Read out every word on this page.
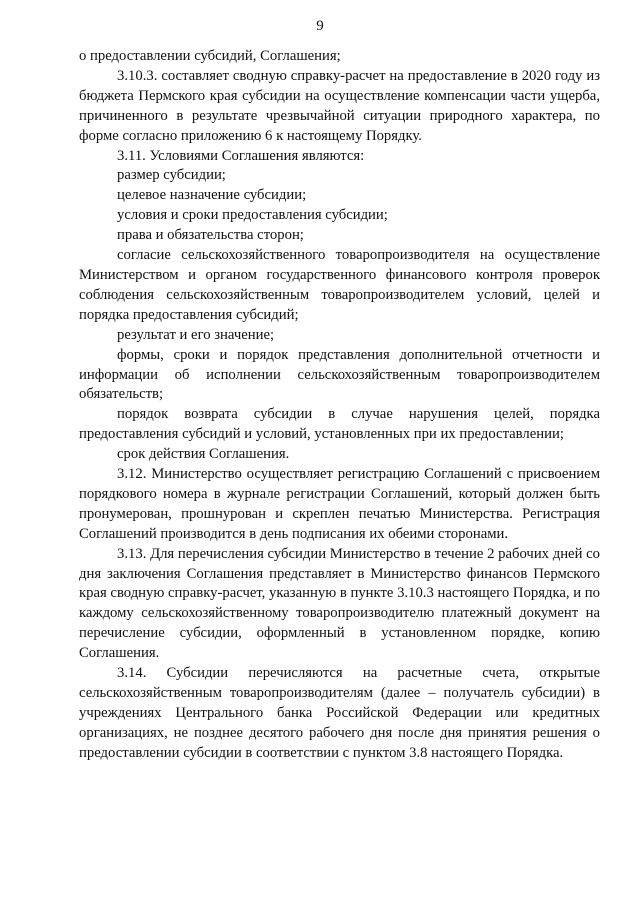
9

о предоставлении субсидий, Соглашения;

3.10.3. составляет сводную справку-расчет на предоставление в 2020 году из бюджета Пермского края субсидии на осуществление компенсации части ущерба, причиненного в результате чрезвычайной ситуации природного характера, по форме согласно приложению 6 к настоящему Порядку.

3.11. Условиями Соглашения являются:

размер субсидии;

целевое назначение субсидии;

условия и сроки предоставления субсидии;

права и обязательства сторон;

согласие сельскохозяйственного товаропроизводителя на осуществление Министерством и органом государственного финансового контроля проверок соблюдения сельскохозяйственным товаропроизводителем условий, целей и порядка предоставления субсидий;

результат и его значение;

формы, сроки и порядок представления дополнительной отчетности и информации об исполнении сельскохозяйственным товаропроизводителем обязательств;

порядок возврата субсидии в случае нарушения целей, порядка предоставления субсидий и условий, установленных при их предоставлении;

срок действия Соглашения.

3.12. Министерство осуществляет регистрацию Соглашений с присвоением порядкового номера в журнале регистрации Соглашений, который должен быть пронумерован, прошнурован и скреплен печатью Министерства. Регистрация Соглашений производится в день подписания их обеими сторонами.

3.13. Для перечисления субсидии Министерство в течение 2 рабочих дней со дня заключения Соглашения представляет в Министерство финансов Пермского края сводную справку-расчет, указанную в пункте 3.10.3 настоящего Порядка, и по каждому сельскохозяйственному товаропроизводителю платежный документ на перечисление субсидии, оформленный в установленном порядке, копию Соглашения.

3.14. Субсидии перечисляются на расчетные счета, открытые сельскохозяйственным товаропроизводителям (далее – получатель субсидии) в учреждениях Центрального банка Российской Федерации или кредитных организациях, не позднее десятого рабочего дня после дня принятия решения о предоставлении субсидии в соответствии с пунктом 3.8 настоящего Порядка.
